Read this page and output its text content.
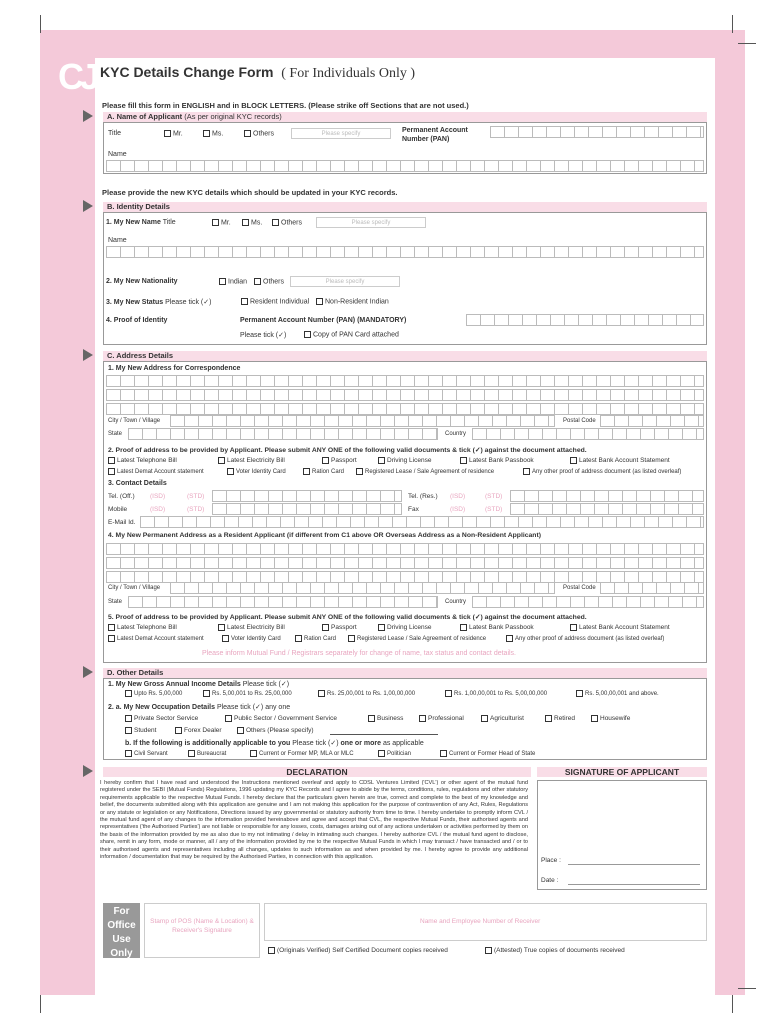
CJ KYC Details Change Form ( For Individuals Only )
Please fill this form in ENGLISH and in BLOCK LETTERS. (Please strike off Sections that are not used.)
A. Name of Applicant (As per original KYC records)
Title	Mr.	Ms.	Others	Please specify	Permanent Account
Number (PAN)
Name
Please provide the new KYC details which should be updated in your KYC records.
B. Identity Details
1. My New Name Title	Mr.	Ms.	Others	Please specify
Name
2. My New Nationality	Indian	Others	Please specify
3. My New Status Please tick (✓)	Resident Individual	Non-Resident Indian
4. Proof of Identity	Permanent Account Number (PAN) (MANDATORY)
Please tick (✓)	Copy of PAN Card attached
C. Address Details
1. My New Address for Correspondence
City / Town / Village	Postal Code
State	Country
2. Proof of address to be provided by Applicant. Please submit ANY ONE of the following valid documents & tick (✓) against the document attached.
Latest Telephone Bill	Latest Electricity Bill	Passport	Driving License	Latest Bank Passbook	Latest Bank Account Statement
Latest Demat Account statement	Voter Identity Card	Ration Card	Registered Lease / Sale Agreement of residence	Any other proof of address document (as listed overleaf)
3. Contact Details
Tel. (Off.) (ISD)	(STD)	Tel. (Res.) (ISD)	(STD)
Mobile	(ISD)	(STD)	Fax	(ISD)	(STD)
E-Mail Id.
4. My New Permanent Address as a Resident Applicant (if different from C1 above OR Overseas Address as a Non-Resident Applicant)
City / Town / Village	Postal Code
State	Country
5. Proof of address to be provided by Applicant. Please submit ANY ONE of the following valid documents & tick (✓) against the document attached.
Latest Telephone Bill	Latest Electricity Bill	Passport	Driving License	Latest Bank Passbook	Latest Bank Account Statement
Latest Demat Account statement	Voter Identity Card	Ration Card	Registered Lease / Sale Agreement of residence	Any other proof of address document (as listed overleaf)
Please inform Mutual Fund / Registrars separately for change of name, tax status and contact details.
D. Other Details
1. My New Gross Annual Income Details Please tick (✓)
Upto Rs. 5,00,000	Rs. 5,00,001 to Rs. 25,00,000	Rs. 25,00,001 to Rs. 1,00,00,000	Rs. 1,00,00,001 to Rs. 5,00,00,000	Rs. 5,00,00,001 and above.
2. a. My New Occupation Details Please tick (✓) any one
Private Sector Service	Public Sector / Government Service	Business	Professional	Agriculturist	Retired	Housewife
Student	Forex Dealer	Others (Please specify)
b. If the following is additionally applicable to you Please tick (✓) one or more as applicable
Civil Servant	Bureaucrat	Current or Former MP, MLA or MLC	Politician	Current or Former Head of State
DECLARATION	SIGNATURE OF APPLICANT
I hereby confirm that I have read and understood the Instructions mentioned overleaf and apply to CDSL Ventures Limited ('CVL') or other agent of the mutual fund registered under the SEBI (Mutual Funds) Regulations, 1996 updating my KYC Records and I agree to abide by the terms, conditions, rules, regulations and other statutory requirements applicable to the respective Mutual Funds. I hereby declare that the particulars given herein are true, correct and complete to the best of my knowledge and belief, the documents submitted along with this application are genuine and I am not making this application for the purpose of contravention of any Act, Rules, Regulations or any statute or legislation or any Notifications, Directions issued by any governmental or statutory authority from time to time. I hereby undertake to promptly inform CVL / the mutual fund agent of any changes to the information provided hereinabove and agree and accept that CVL, the respective Mutual Funds, their authorised agents and representatives ('the Authorised Parties') are not liable or responsible for any losses, costs, damages arising out of any actions undertaken or activities performed by them on the basis of the information provided by me as also due to my not intimating / delay in intimating such changes. I hereby authorize CVL / the mutual fund agent to disclose, share, remit in any form, mode or manner, all / any of the information provided by me to the respective Mutual Funds in which I may transact / have transacted and / or to their authorised agents and representatives including all changes, updates to such information as and when provided by me. I hereby agree to provide any additional information / documentation that may be required by the Authorised Parties, in connection with this application.	Place :
Date :
For Office Use Only
Stamp of POS (Name & Location) & Receiver's Signature
Name and Employee Number of Receiver
(Originals Verified) Self Certified Document copies received	(Attested) True copies of documents received
